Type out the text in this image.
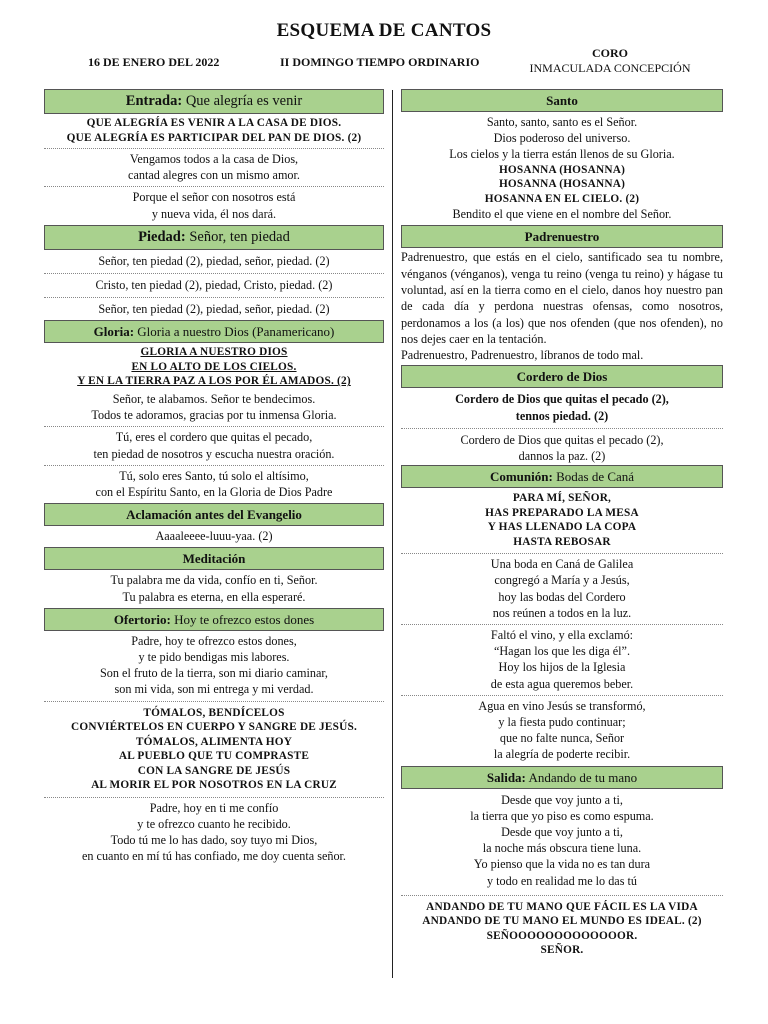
ESQUEMA DE CANTOS
16 DE ENERO DEL 2022	II DOMINGO TIEMPO ORDINARIO
CORO
INMACULADA CONCEPCIÓN
Entrada: Que alegría es venir
QUE ALEGRÍA ES VENIR A LA CASA DE DIOS.
QUE ALEGRÍA ES PARTICIPAR DEL PAN DE DIOS. (2)
Vengamos todos a la casa de Dios,
cantad alegres con un mismo amor.
Porque el señor con nosotros está
y nueva vida, él nos dará.
Piedad: Señor, ten piedad
Señor, ten piedad (2), piedad, señor, piedad. (2)
Cristo, ten piedad (2), piedad, Cristo, piedad. (2)
Señor, ten piedad (2), piedad, señor, piedad. (2)
Gloria: Gloria a nuestro Dios (Panamericano)
GLORIA A NUESTRO DIOS
EN LO ALTO DE LOS CIELOS.
Y EN LA TIERRA PAZ A LOS POR ÉL AMADOS. (2)
Señor, te alabamos. Señor te bendecimos.
Todos te adoramos, gracias por tu inmensa Gloria.
Tú, eres el cordero que quitas el pecado,
ten piedad de nosotros y escucha nuestra oración.
Tú, solo eres Santo, tú solo el altísimo,
con el Espíritu Santo, en la Gloria de Dios Padre
Aclamación antes del Evangelio
Aaaaleeee-luuu-yaa. (2)
Meditación
Tu palabra me da vida, confío en ti, Señor.
Tu palabra es eterna, en ella esperaré.
Ofertorio: Hoy te ofrezco estos dones
Padre, hoy te ofrezco estos dones,
y te pido bendigas mis labores.
Son el fruto de la tierra, son mi diario caminar,
son mi vida, son mi entrega y mi verdad.
TÓMALOS, BENDÍCELOS
CONVIÉRTELOS EN CUERPO Y SANGRE DE JESÚS.
TÓMALOS, ALIMENTA HOY
AL PUEBLO QUE TU COMPRASTE
CON LA SANGRE DE JESÚS
AL MORIR EL POR NOSOTROS EN LA CRUZ
Padre, hoy en ti me confío
y te ofrezco cuanto he recibido.
Todo tú me lo has dado, soy tuyo mi Dios,
en cuanto en mí tú has confiado, me doy cuenta señor.
Santo
Santo, santo, santo es el Señor.
Dios poderoso del universo.
Los cielos y la tierra están llenos de su Gloria.
HOSANNA (HOSANNA)
HOSANNA (HOSANNA)
HOSANNA EN EL CIELO. (2)
Bendito el que viene en el nombre del Señor.
Padrenuestro
Padrenuestro, que estás en el cielo, santificado sea tu nombre, vénganos (vénganos), venga tu reino (venga tu reino) y hágase tu voluntad, así en la tierra como en el cielo, danos hoy nuestro pan de cada día y perdona nuestras ofensas, como nosotros, perdonamos a los (a los) que nos ofenden (que nos ofenden), no nos dejes caer en la tentación.
Padrenuestro, Padrenuestro, líbranos de todo mal.
Cordero de Dios
Cordero de Dios que quitas el pecado (2),
tennos piedad. (2)
Cordero de Dios que quitas el pecado (2),
dannos la paz. (2)
Comunión: Bodas de Caná
PARA MÍ, SEÑOR,
HAS PREPARADO LA MESA
Y HAS LLENADO LA COPA
HASTA REBOSAR
Una boda en Caná de Galilea
congregó a María y a Jesús,
hoy las bodas del Cordero
nos reúnen a todos en la luz.
Faltó el vino, y ella exclamó:
“Hagan los que les diga él”.
Hoy los hijos de la Iglesia
de esta agua queremos beber.
Agua en vino Jesús se transformó,
y la fiesta pudo continuar;
que no falte nunca, Señor
la alegría de poderte recibir.
Salida: Andando de tu mano
Desde que voy junto a ti,
la tierra que yo piso es como espuma.
Desde que voy junto a ti,
la noche más obscura tiene luna.
Yo pienso que la vida no es tan dura
y todo en realidad me lo das tú
ANDANDO DE TU MANO QUE FÁCIL ES LA VIDA
ANDANDO DE TU MANO EL MUNDO ES IDEAL. (2)
SEÑOOOOOOOOOOOOOR.
SEÑOR.
